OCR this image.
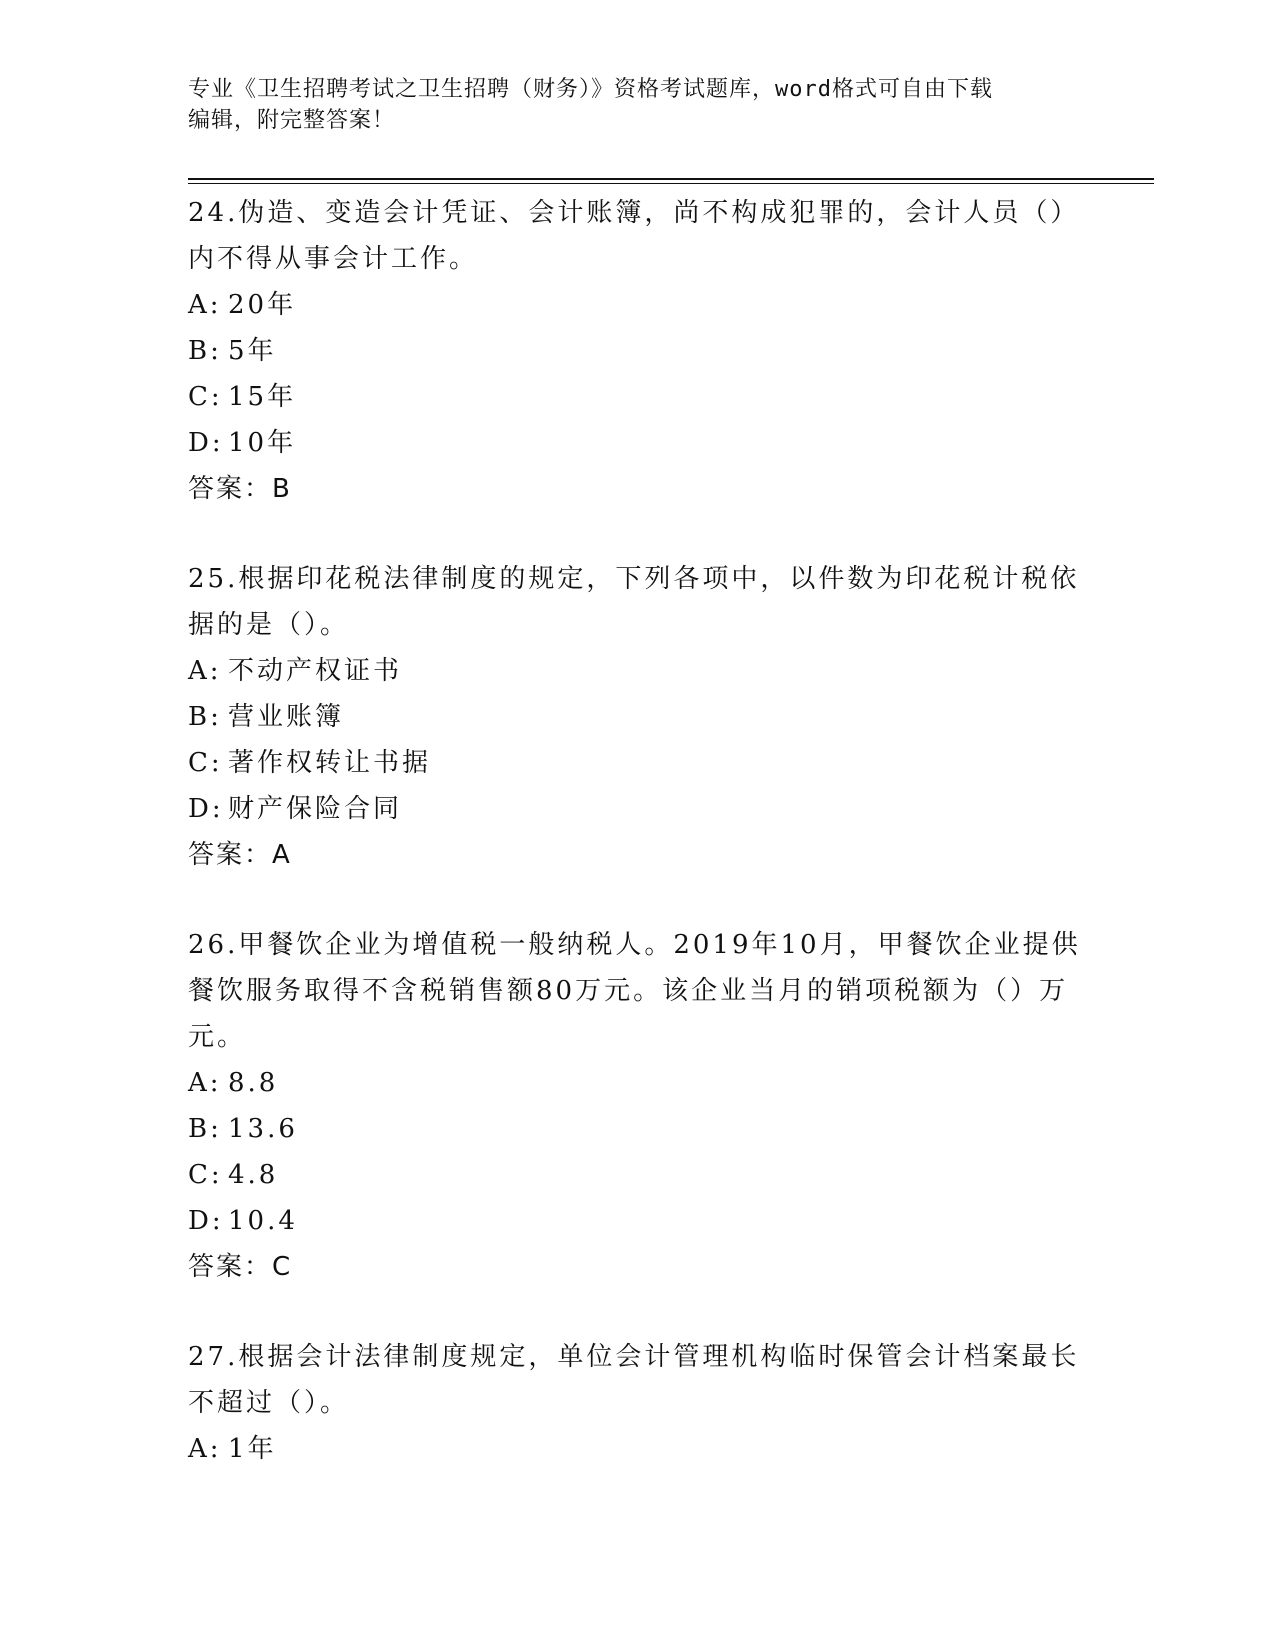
专业《卫生招聘考试之卫生招聘（财务）》资格考试题库，word格式可自由下载
编辑，附完整答案！
24.伪造、变造会计凭证、会计账簿，尚不构成犯罪的，会计人员（）内不得从事会计工作。
A: 20年
B: 5年
C: 15年
D: 10年
答案：B
25.根据印花税法律制度的规定，下列各项中，以件数为印花税计税依据的是（）。
A: 不动产权证书
B: 营业账簿
C: 著作权转让书据
D: 财产保险合同
答案：A
26.甲餐饮企业为增值税一般纳税人。2019年10月，甲餐饮企业提供餐饮服务取得不含税销售额80万元。该企业当月的销项税额为（）万元。
A: 8.8
B: 13.6
C: 4.8
D: 10.4
答案：C
27.根据会计法律制度规定，单位会计管理机构临时保管会计档案最长不超过（）。
A: 1年
